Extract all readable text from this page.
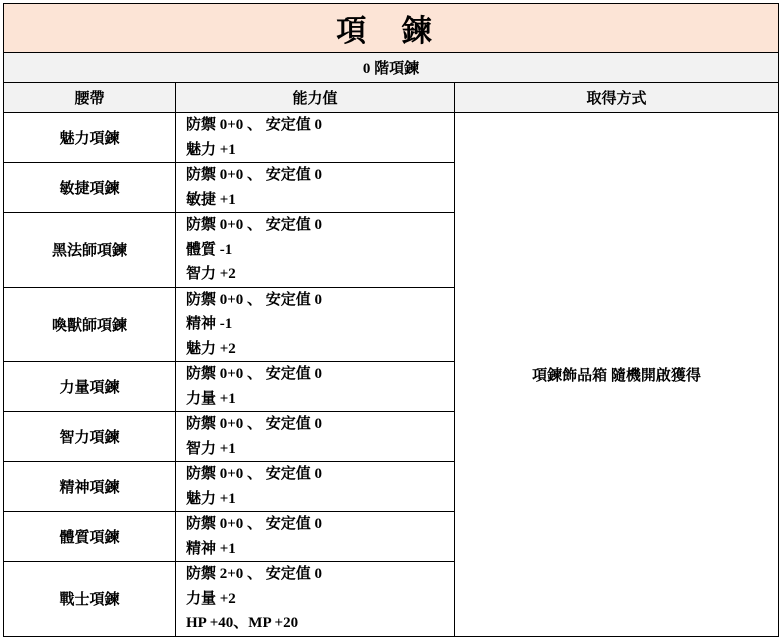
項 鍊		
0 階項鍊		
腰帶	能力值	取得方式
魅力項鍊	防禦 0+0 、 安定值 0
魅力 +1	項鍊飾品箱 隨機開啟獲得
敏捷項鍊	防禦 0+0 、 安定值 0
敏捷 +1	

黑法師項鍊	防禦 0+0 、 安定值 0
體質 -1
智力 +2	

喚獸師項鍊	防禦 0+0 、 安定值 0
精神 -1
魅力 +2	

力量項鍊	防禦 0+0 、 安定值 0
力量 +1	

智力項鍊	防禦 0+0 、 安定值 0
智力 +1	

精神項鍊	防禦 0+0 、 安定值 0
魅力 +1	

體質項鍊	防禦 0+0 、 安定值 0
精神 +1	

戰士項鍊	防禦 2+0 、 安定值 0
力量 +2
HP +40、MP +20	
